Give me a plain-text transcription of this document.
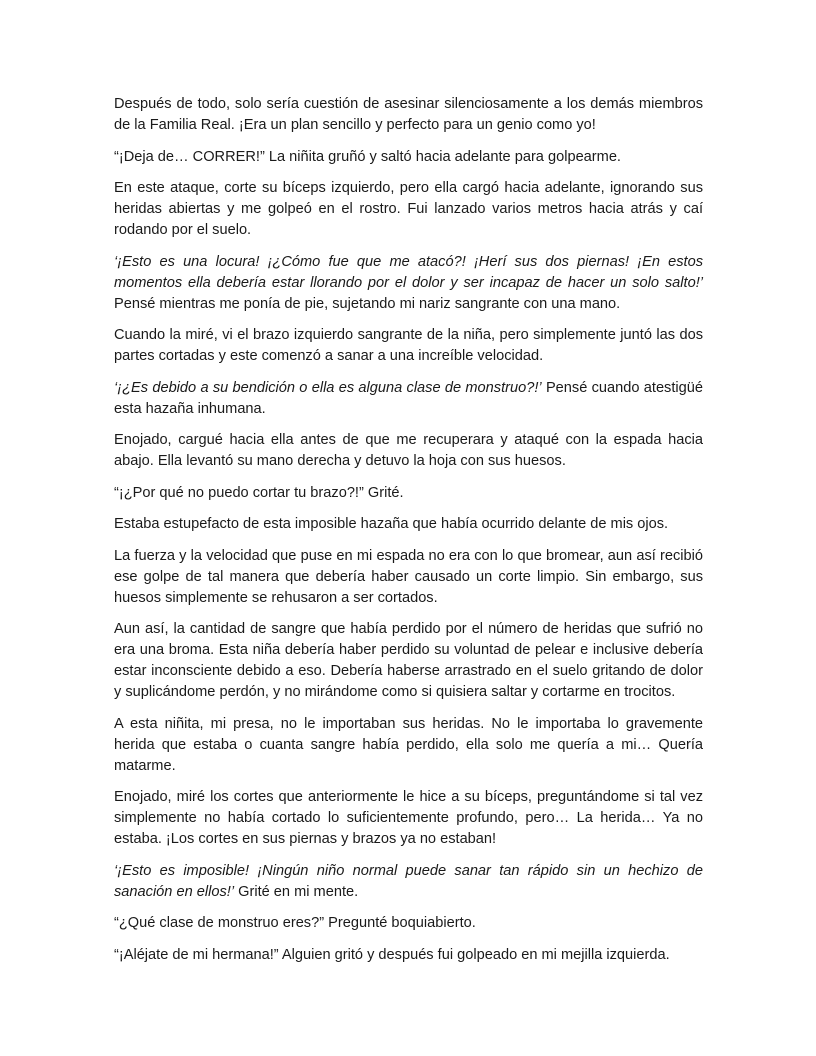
Después de todo, solo sería cuestión de asesinar silenciosamente a los demás miembros de la Familia Real. ¡Era un plan sencillo y perfecto para un genio como yo!

“¡Deja de… CORRER!” La niñita gruñó y saltó hacia adelante para golpearme.

En este ataque, corte su bíceps izquierdo, pero ella cargó hacia adelante, ignorando sus heridas abiertas y me golpeó en el rostro. Fui lanzado varios metros hacia atrás y caí rodando por el suelo.

‘¡Esto es una locura! ¡¿Cómo fue que me atacó?! ¡Herí sus dos piernas! ¡En estos momentos ella debería estar llorando por el dolor y ser incapaz de hacer un solo salto!’ Pensé mientras me ponía de pie, sujetando mi nariz sangrante con una mano.

Cuando la miré, vi el brazo izquierdo sangrante de la niña, pero simplemente juntó las dos partes cortadas y este comenzó a sanar a una increíble velocidad.

‘¡¿Es debido a su bendición o ella es alguna clase de monstruo?!’ Pensé cuando atestigüé esta hazaña inhumana.

Enojado, cargué hacia ella antes de que me recuperara y ataqué con la espada hacia abajo. Ella levantó su mano derecha y detuvo la hoja con sus huesos.

“¡¿Por qué no puedo cortar tu brazo?!” Grité.

Estaba estupefacto de esta imposible hazaña que había ocurrido delante de mis ojos.

La fuerza y la velocidad que puse en mi espada no era con lo que bromear, aun así recibió ese golpe de tal manera que debería haber causado un corte limpio. Sin embargo, sus huesos simplemente se rehusaron a ser cortados.

Aun así, la cantidad de sangre que había perdido por el número de heridas que sufrió no era una broma. Esta niña debería haber perdido su voluntad de pelear e inclusive debería estar inconsciente debido a eso. Debería haberse arrastrado en el suelo gritando de dolor y suplicándome perdón, y no mirándome como si quisiera saltar y cortarme en trocitos.

A esta niñita, mi presa, no le importaban sus heridas. No le importaba lo gravemente herida que estaba o cuanta sangre había perdido, ella solo me quería a mi… Quería matarme.

Enojado, miré los cortes que anteriormente le hice a su bíceps, preguntándome si tal vez simplemente no había cortado lo suficientemente profundo, pero… La herida… Ya no estaba. ¡Los cortes en sus piernas y brazos ya no estaban!

‘¡Esto es imposible! ¡Ningún niño normal puede sanar tan rápido sin un hechizo de sanación en ellos!’ Grité en mi mente.

“¿Qué clase de monstruo eres?” Pregunté boquiabierto.

“¡Aléjate de mi hermana!” Alguien gritó y después fui golpeado en mi mejilla izquierda.
